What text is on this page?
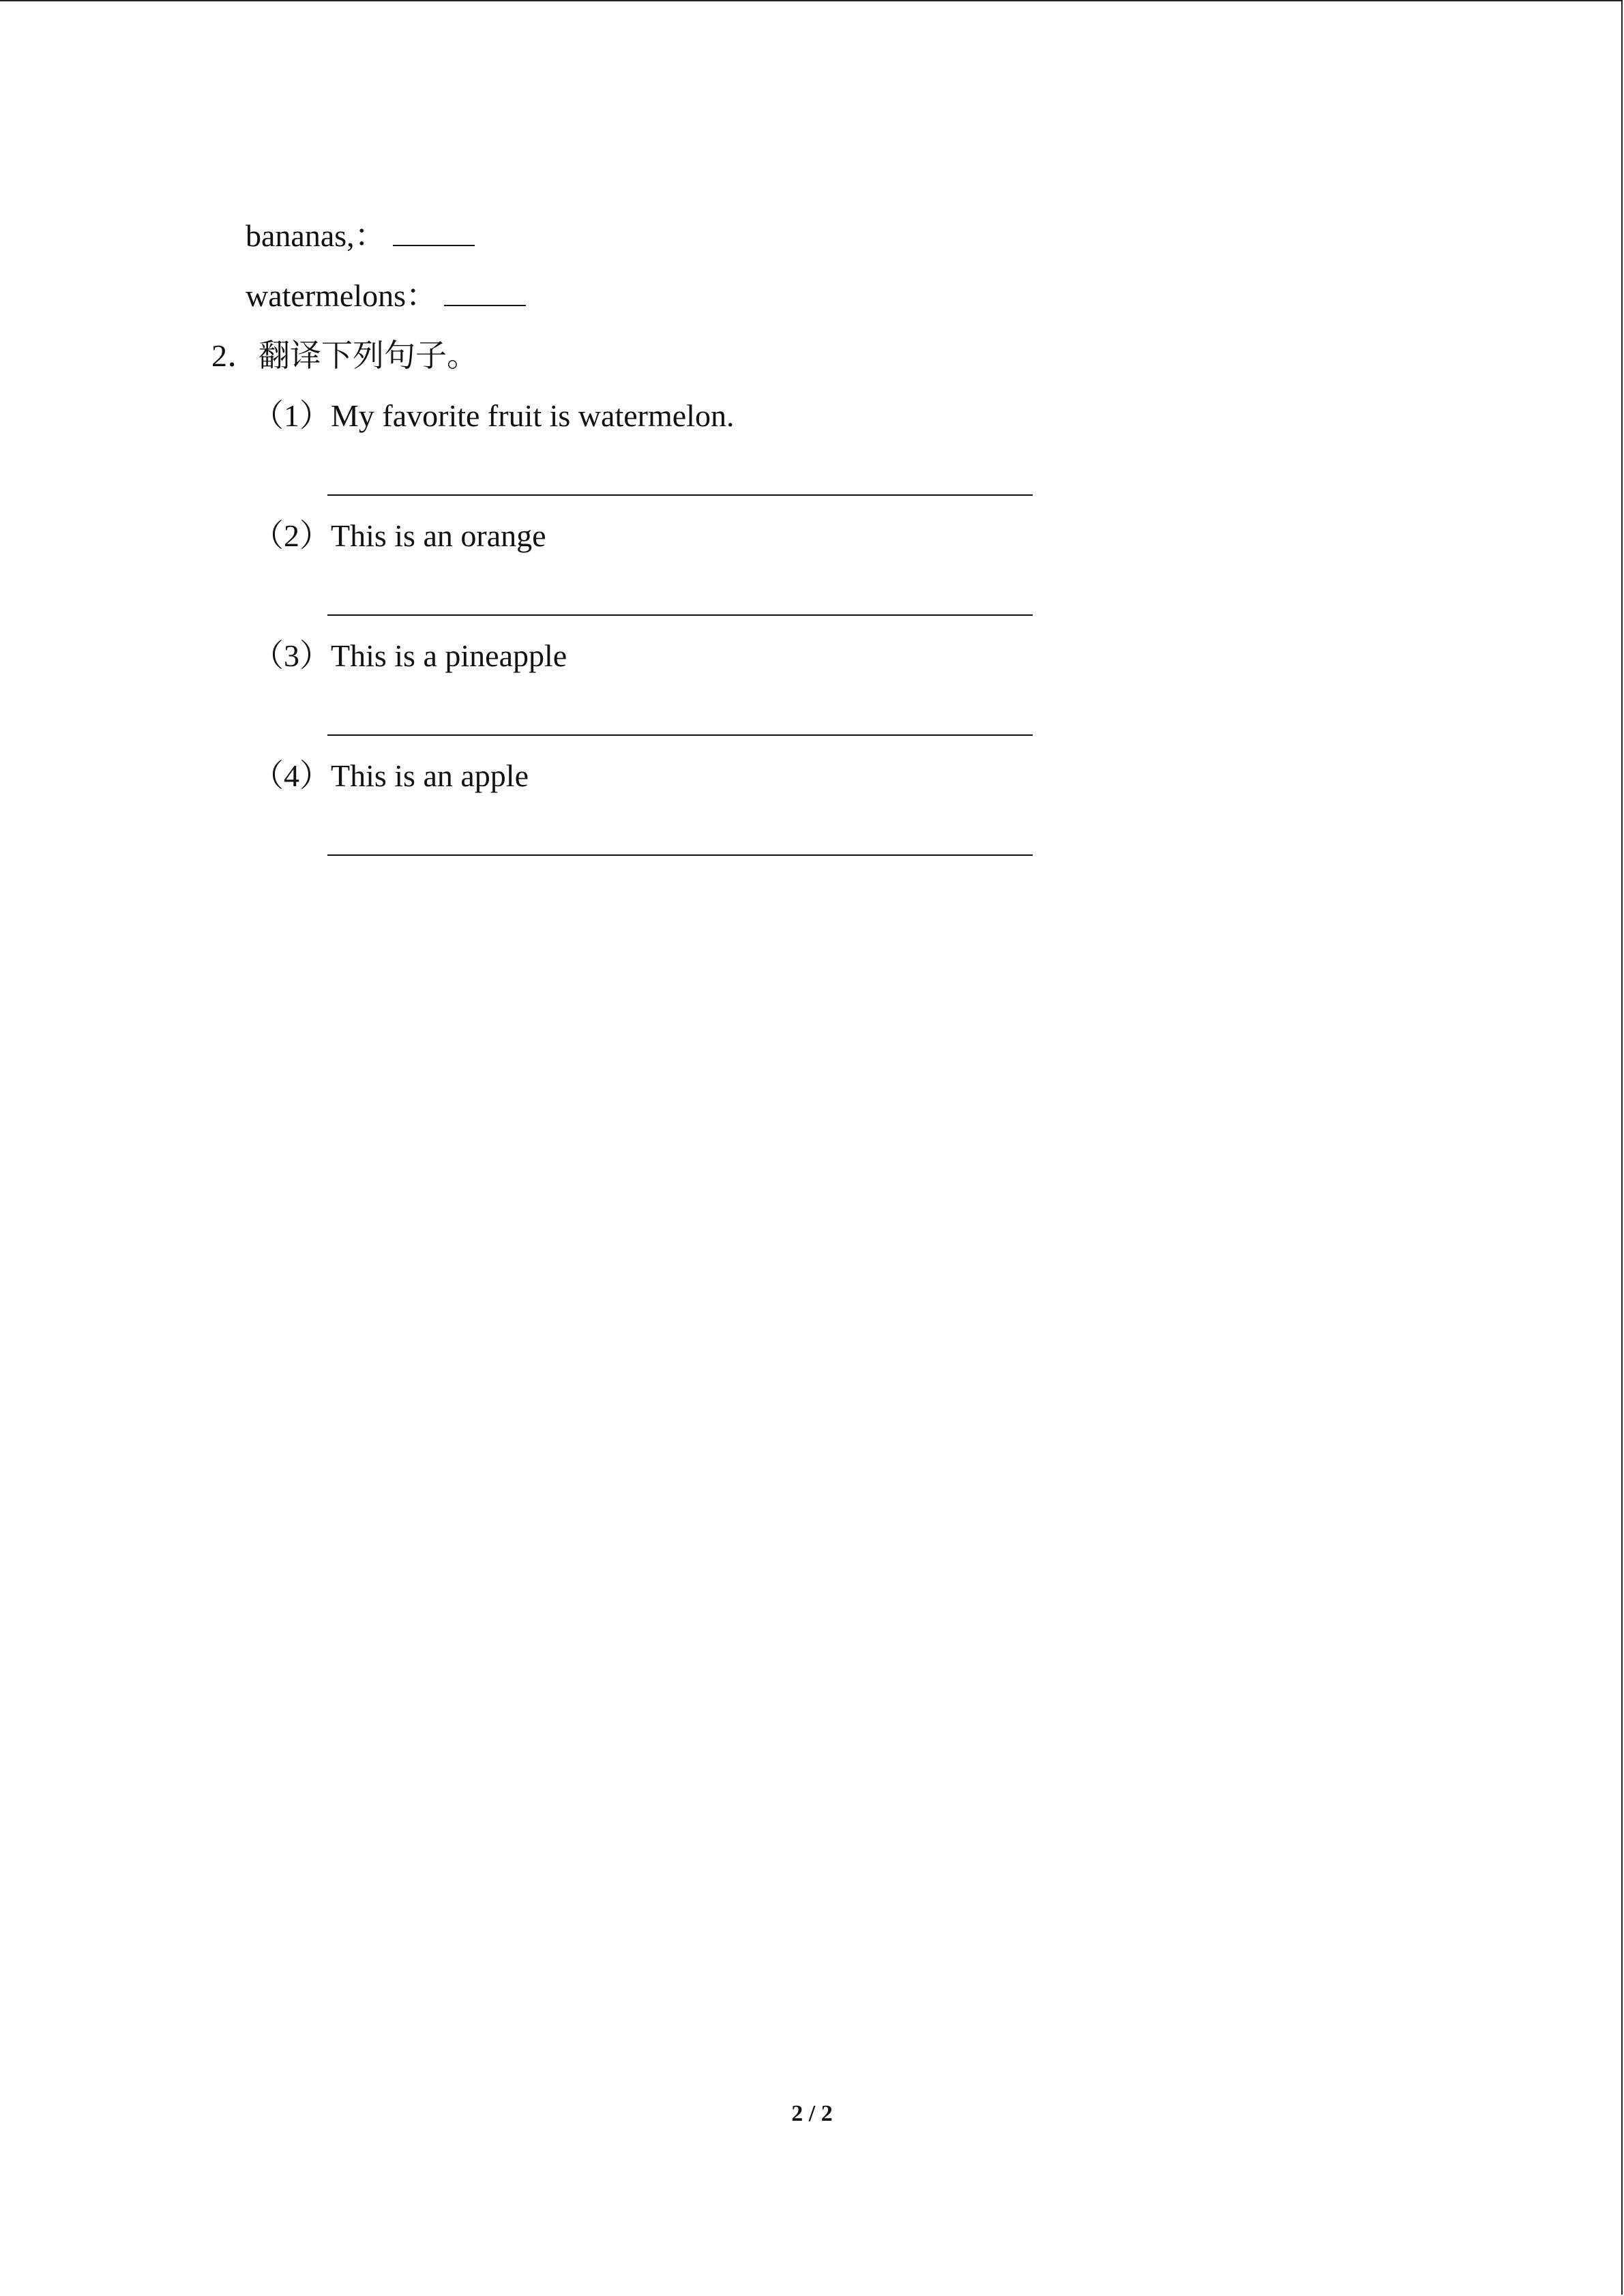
bananas,：
watermelons：
2．翻译下列句子。
（1）My favorite fruit is watermelon.
（2）This is an orange
（3）This is a pineapple
（4）This is an apple
2 / 2
